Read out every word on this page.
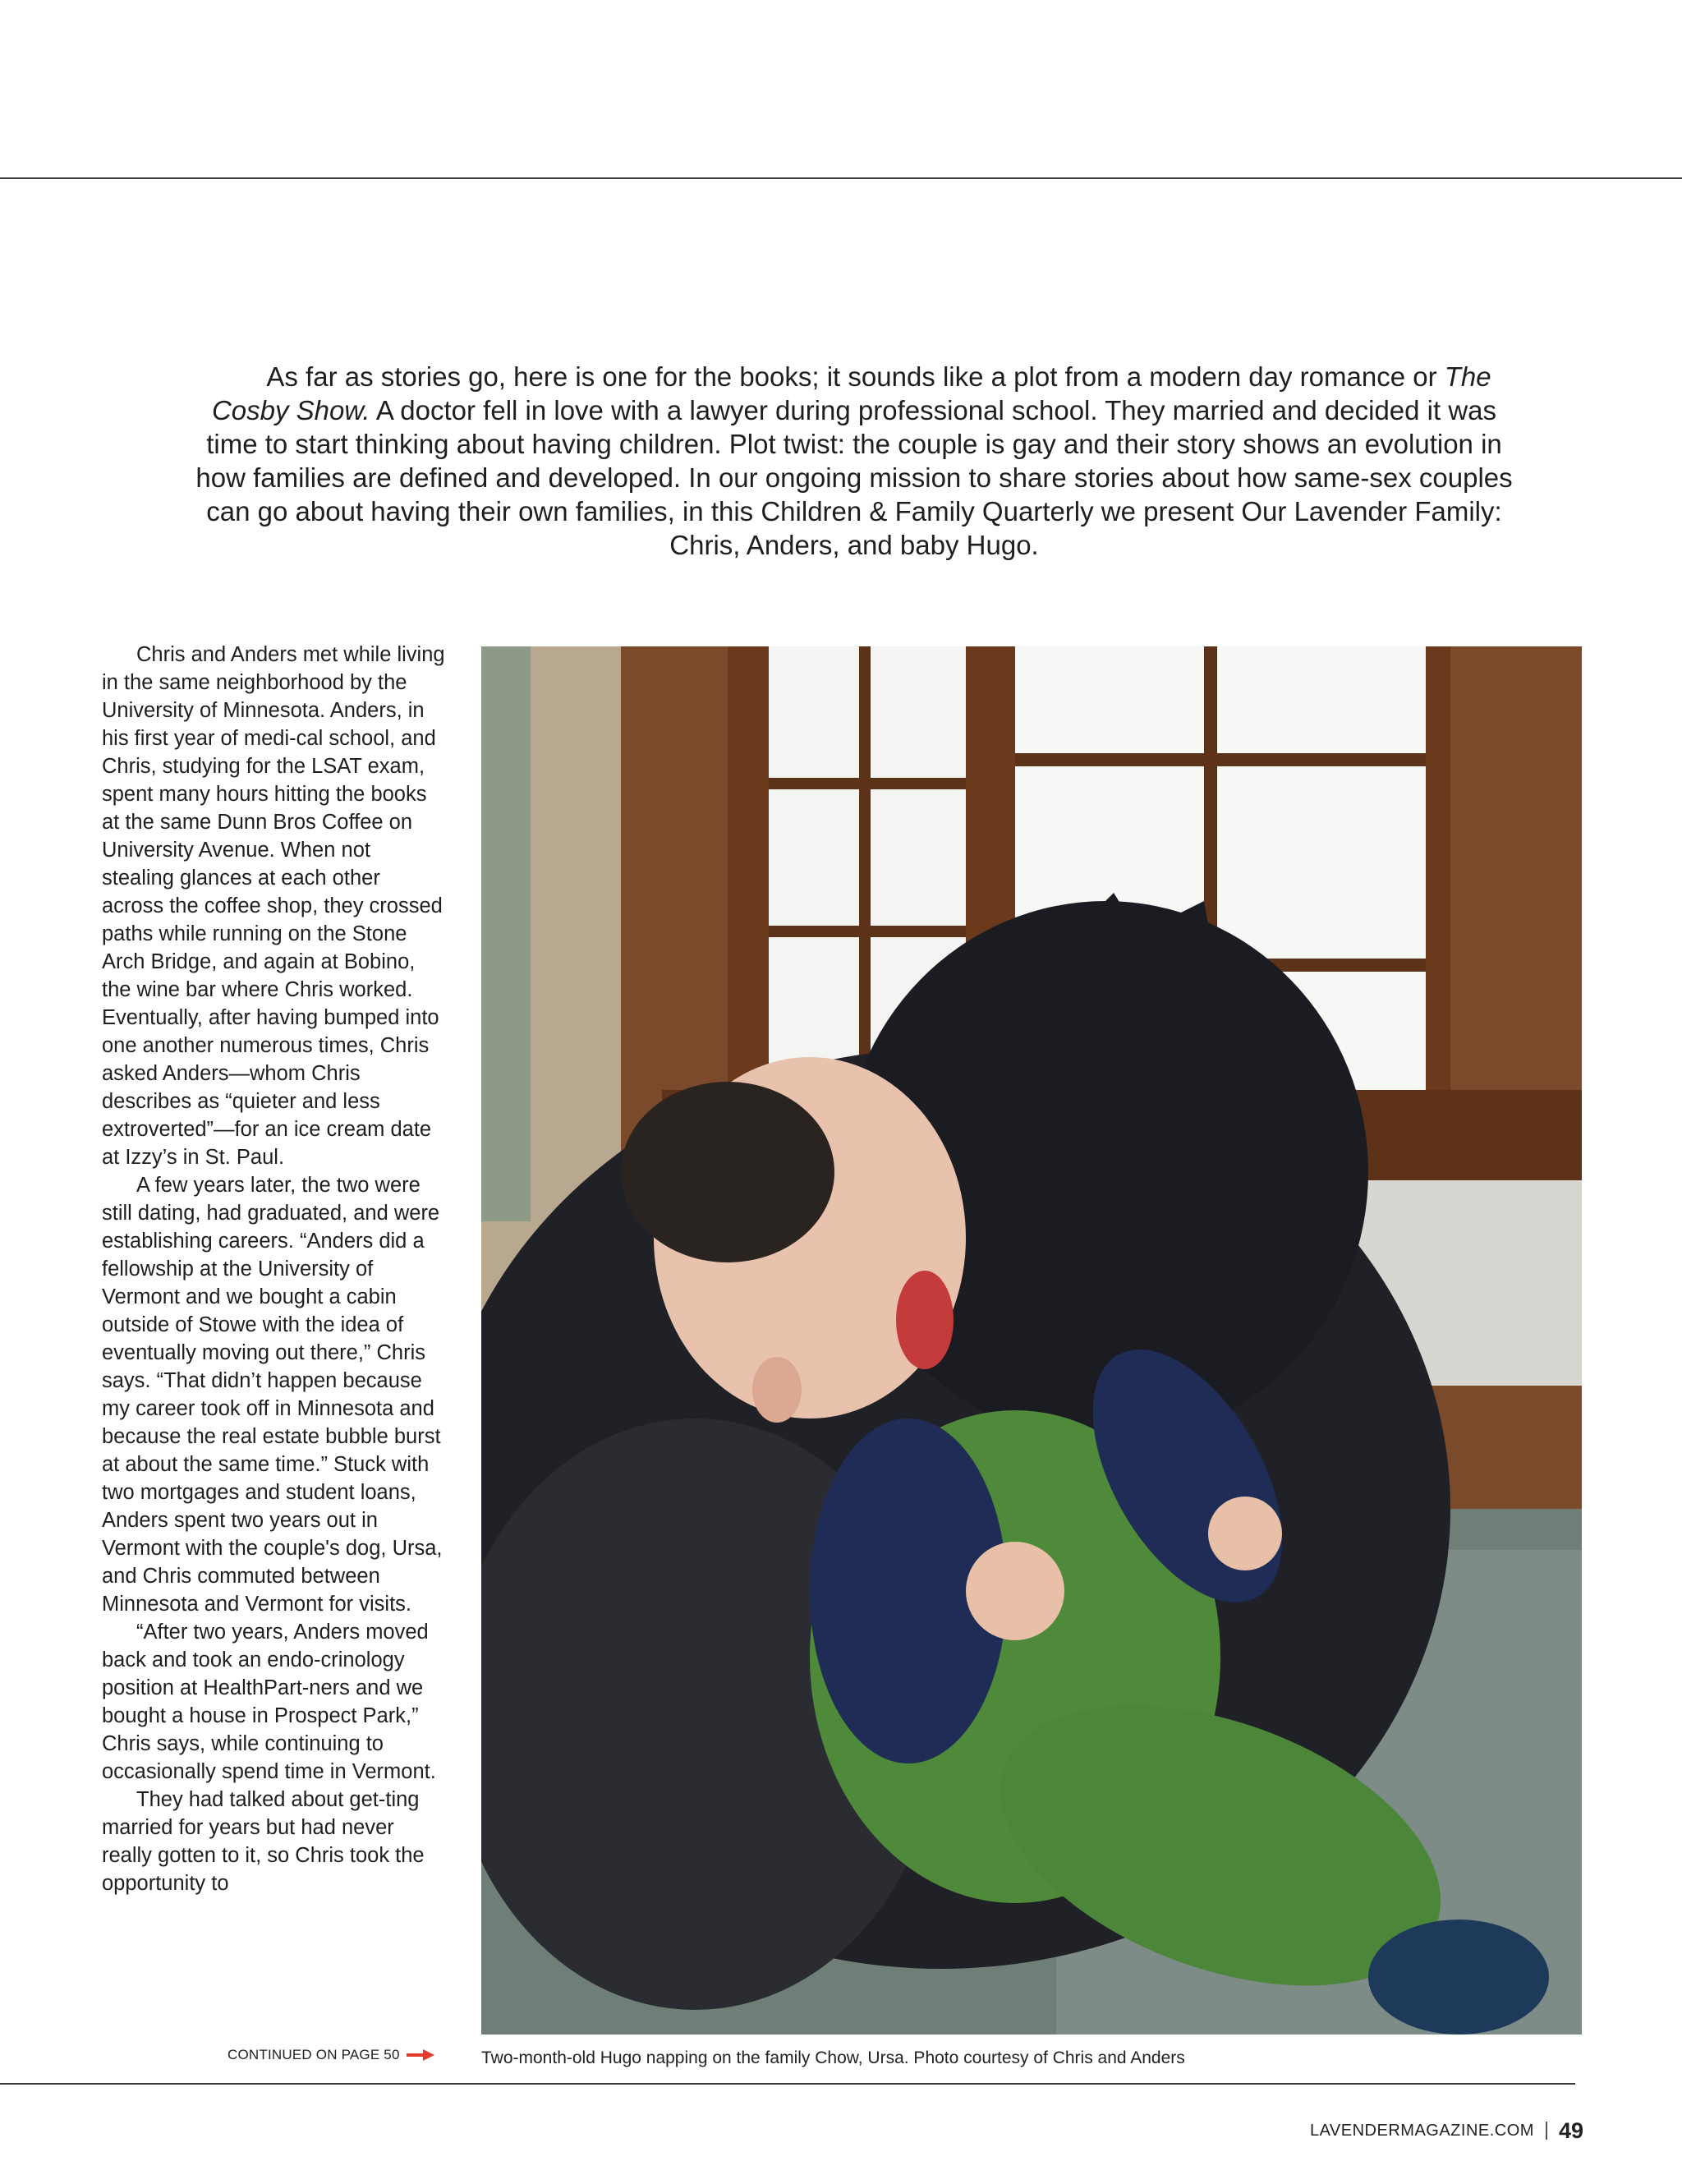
As far as stories go, here is one for the books; it sounds like a plot from a modern day romance or The Cosby Show. A doctor fell in love with a lawyer during professional school. They married and decided it was time to start thinking about having children. Plot twist: the couple is gay and their story shows an evolution in how families are defined and developed. In our ongoing mission to share stories about how same-sex couples can go about having their own families, in this Children & Family Quarterly we present Our Lavender Family: Chris, Anders, and baby Hugo.

Chris and Anders met while living in the same neighborhood by the University of Minnesota. Anders, in his first year of medi-cal school, and Chris, studying for the LSAT exam, spent many hours hitting the books at the same Dunn Bros Coffee on University Avenue. When not stealing glances at each other across the coffee shop, they crossed paths while running on the Stone Arch Bridge, and again at Bobino, the wine bar where Chris worked. Eventually, after having bumped into one another numerous times, Chris asked Anders—whom Chris describes as “quieter and less extroverted”—for an ice cream date at Izzy’s in St. Paul.

A few years later, the two were still dating, had graduated, and were establishing careers. “Anders did a fellowship at the University of Vermont and we bought a cabin outside of Stowe with the idea of eventually moving out there,” Chris says. “That didn’t happen because my career took off in Minnesota and because the real estate bubble burst at about the same time.” Stuck with two mortgages and student loans, Anders spent two years out in Vermont with the couple's dog, Ursa, and Chris commuted between Minnesota and Vermont for visits.

“After two years, Anders moved back and took an endo-crinology position at HealthPart-ners and we bought a house in Prospect Park,” Chris says, while continuing to occasionally spend time in Vermont.

They had talked about get-ting married for years but had never really gotten to it, so Chris took the opportunity to

CONTINUED ON PAGE 50	Two-month-old Hugo napping on the family Chow, Ursa. Photo courtesy of Chris and Anders
LAVENDERMAGAZINE.COM 49
